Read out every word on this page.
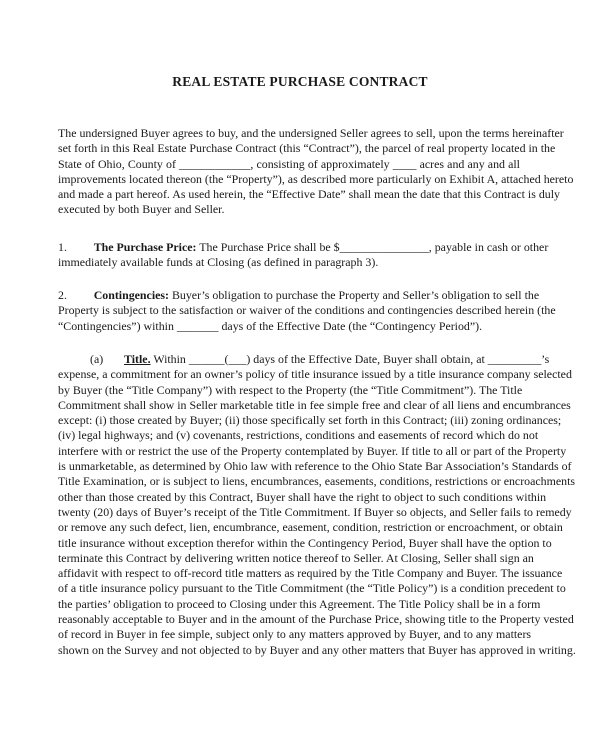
REAL ESTATE PURCHASE CONTRACT
The undersigned Buyer agrees to buy, and the undersigned Seller agrees to sell, upon the terms hereinafter
set forth in this Real Estate Purchase Contract (this “Contract”), the parcel of real property located in the
State of Ohio, County of ____________, consisting of approximately ____ acres and any and all
improvements located thereon (the “Property”), as described more particularly on Exhibit A, attached hereto
and made a part hereof. As used herein, the “Effective Date” shall mean the date that this Contract is duly
executed by both Buyer and Seller.
1. The Purchase Price: The Purchase Price shall be $_______________, payable in cash or other
immediately available funds at Closing (as defined in paragraph 3).
2. Contingencies: Buyer’s obligation to purchase the Property and Seller’s obligation to sell the
Property is subject to the satisfaction or waiver of the conditions and contingencies described herein (the
“Contingencies”) within _______ days of the Effective Date (the “Contingency Period”).
(a) Title. Within ______(___) days of the Effective Date, Buyer shall obtain, at _________’s
expense, a commitment for an owner’s policy of title insurance issued by a title insurance company selected
by Buyer (the “Title Company”) with respect to the Property (the “Title Commitment”). The Title
Commitment shall show in Seller marketable title in fee simple free and clear of all liens and encumbrances
except: (i) those created by Buyer; (ii) those specifically set forth in this Contract; (iii) zoning ordinances;
(iv) legal highways; and (v) covenants, restrictions, conditions and easements of record which do not
interfere with or restrict the use of the Property contemplated by Buyer. If title to all or part of the Property
is unmarketable, as determined by Ohio law with reference to the Ohio State Bar Association’s Standards of
Title Examination, or is subject to liens, encumbrances, easements, conditions, restrictions or encroachments
other than those created by this Contract, Buyer shall have the right to object to such conditions within
twenty (20) days of Buyer’s receipt of the Title Commitment. If Buyer so objects, and Seller fails to remedy
or remove any such defect, lien, encumbrance, easement, condition, restriction or encroachment, or obtain
title insurance without exception therefor within the Contingency Period, Buyer shall have the option to
terminate this Contract by delivering written notice thereof to Seller. At Closing, Seller shall sign an
affidavit with respect to off-record title matters as required by the Title Company and Buyer. The issuance
of a title insurance policy pursuant to the Title Commitment (the “Title Policy”) is a condition precedent to
the parties’ obligation to proceed to Closing under this Agreement. The Title Policy shall be in a form
reasonably acceptable to Buyer and in the amount of the Purchase Price, showing title to the Property vested
of record in Buyer in fee simple, subject only to any matters approved by Buyer, and to any matters
shown on the Survey and not objected to by Buyer and any other matters that Buyer has approved in writing.
